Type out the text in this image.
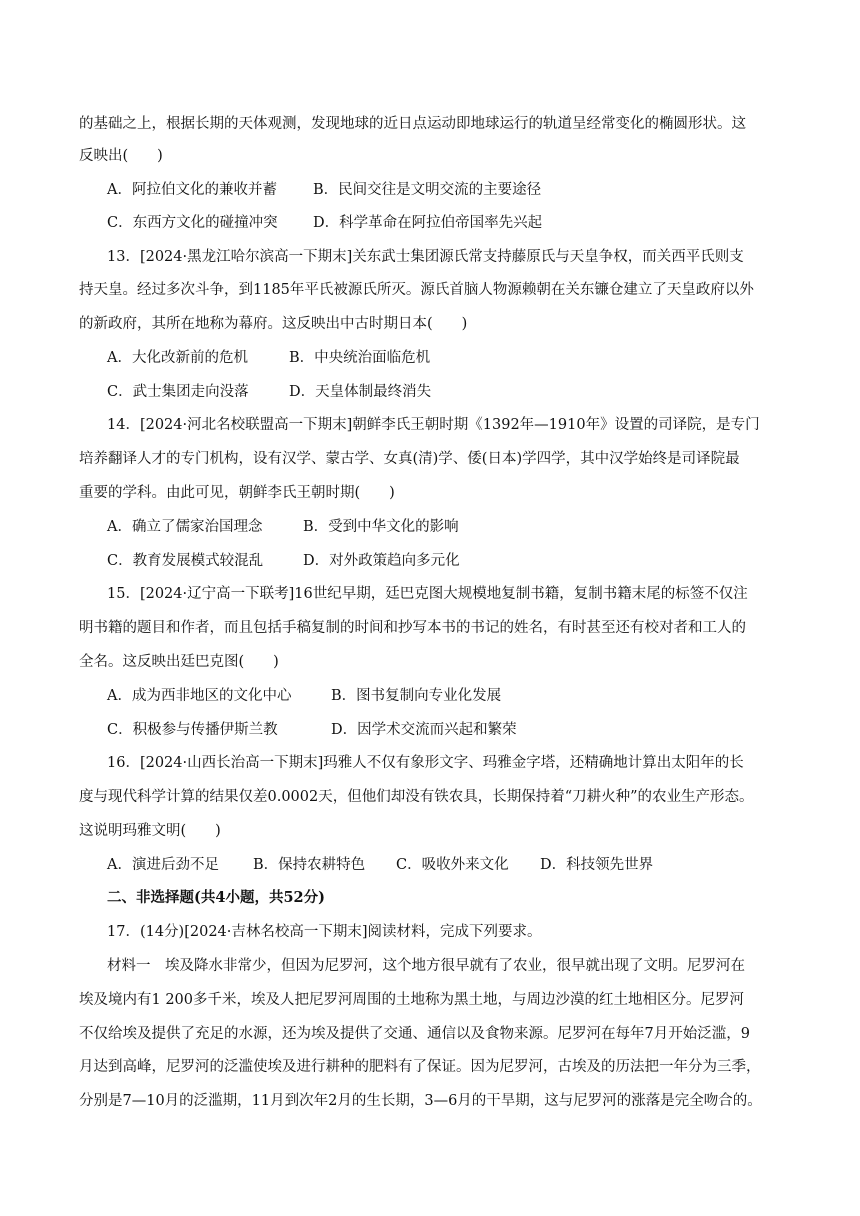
的基础之上，根据长期的天体观测，发现地球的近日点运动即地球运行的轨道呈经常变化的椭圆形状。这
反映出(　　)
A．阿拉伯文化的兼收并蓄 B．民间交往是文明交流的主要途径
C．东西方文化的碰撞冲突 D．科学革命在阿拉伯帝国率先兴起
13．[2024·黑龙江哈尔滨高一下期末]关东武士集团源氏常支持藤原氏与天皇争权，而关西平氏则支
持天皇。经过多次斗争，到1185年平氏被源氏所灭。源氏首脑人物源赖朝在关东镰仓建立了天皇政府以外
的新政府，其所在地称为幕府。这反映出中古时期日本(　　)
A．大化改新前的危机	B．中央统治面临危机
C．武士集团走向没落	D．天皇体制最终消失
14．[2024·河北名校联盟高一下期末]朝鲜李氏王朝时期《1392年—1910年》设置的司译院，是专门
培养翻译人才的专门机构，设有汉学、蒙古学、女真(清)学、倭(日本)学四学，其中汉学始终是司译院最
重要的学科。由此可见，朝鲜李氏王朝时期(　　)
A．确立了儒家治国理念	B．受到中华文化的影响
C．教育发展模式较混乱	D．对外政策趋向多元化
15．[2024·辽宁高一下联考]16世纪早期，廷巴克图大规模地复制书籍，复制书籍末尾的标签不仅注
明书籍的题目和作者，而且包括手稿复制的时间和抄写本书的书记的姓名，有时甚至还有校对者和工人的
全名。这反映出廷巴克图(　　)
A．成为西非地区的文化中心	B．图书复制向专业化发展
C．积极参与传播伊斯兰教	D．因学术交流而兴起和繁荣
16．[2024·山西长治高一下期末]玛雅人不仅有象形文字、玛雅金字塔，还精确地计算出太阳年的长
度与现代科学计算的结果仅差0.0002天，但他们却没有铁农具，长期保持着“刀耕火种”的农业生产形态。
这说明玛雅文明(　　)
A．演进后劲不足 B．保持农耕特色 C．吸收外来文化 D．科技领先世界
二、非选择题(共4小题，共52分)
17．(14分)[2024·吉林名校高一下期末]阅读材料，完成下列要求。
材料一　埃及降水非常少，但因为尼罗河，这个地方很早就有了农业，很早就出现了文明。尼罗河在
埃及境内有1 200多千米，埃及人把尼罗河周围的土地称为黑土地，与周边沙漠的红土地相区分。尼罗河
不仅给埃及提供了充足的水源，还为埃及提供了交通、通信以及食物来源。尼罗河在每年7月开始泛滥，9
月达到高峰，尼罗河的泛滥使埃及进行耕种的肥料有了保证。因为尼罗河，古埃及的历法把一年分为三季，
分别是7—10月的泛滥期，11月到次年2月的生长期，3—6月的干旱期，这与尼罗河的涨落是完全吻合的。
